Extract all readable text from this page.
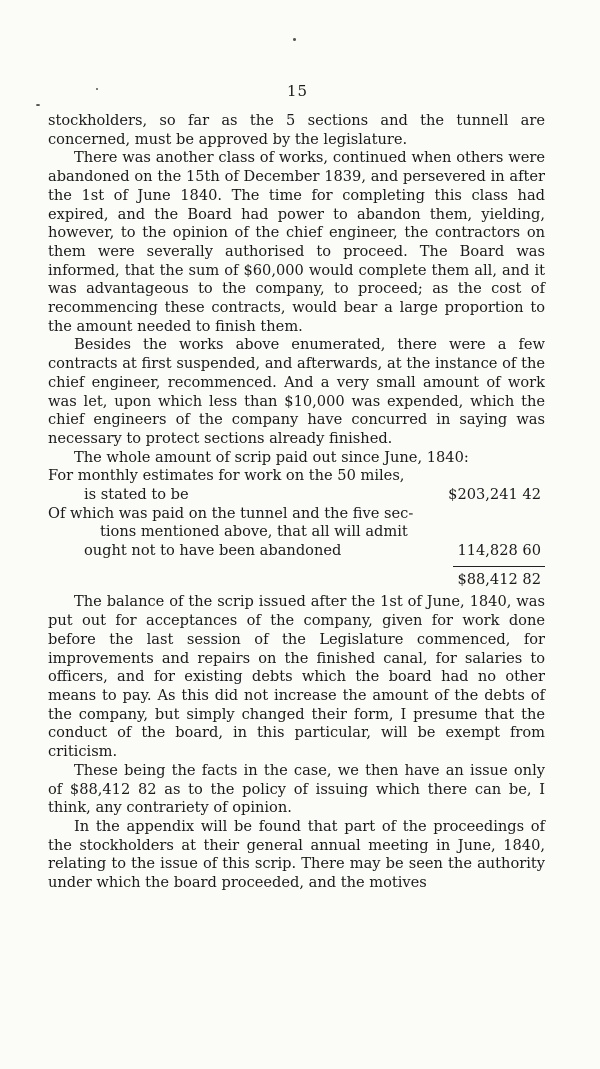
15

stockholders, so far as the 5 sections and the tunnell are concerned, must be approved by the legislature.

There was another class of works, continued when others were abandoned on the 15th of December 1839, and persevered in after the 1st of June 1840. The time for completing this class had expired, and the Board had power to abandon them, yielding, however, to the opinion of the chief engineer, the contractors on them were severally authorised to proceed. The Board was informed, that the sum of $60,000 would complete them all, and it was advantageous to the company, to proceed; as the cost of recommencing these contracts, would bear a large proportion to the amount needed to finish them.

Besides the works above enumerated, there were a few contracts at first suspended, and afterwards, at the instance of the chief engineer, recommenced. And a very small amount of work was let, upon which less than $10,000 was expended, which the chief engineers of the company have concurred in saying was necessary to protect sections already finished.

The whole amount of scrip paid out since June, 1840:

For monthly estimates for work on the 50 miles,
is stated to be	$203,241 42
Of which was paid on the tunnel and the five sec-
tions mentioned above, that all will admit
ought not to have been abandoned	114,828 60
$88,412 82

The balance of the scrip issued after the 1st of June, 1840, was put out for acceptances of the company, given for work done before the last session of the Legislature commenced, for improvements and repairs on the finished canal, for salaries to officers, and for existing debts which the board had no other means to pay. As this did not increase the amount of the debts of the company, but simply changed their form, I presume that the conduct of the board, in this particular, will be exempt from criticism.

These being the facts in the case, we then have an issue only of $88,412 82 as to the policy of issuing which there can be, I think, any contrariety of opinion.

In the appendix will be found that part of the proceedings of the stockholders at their general annual meeting in June, 1840, relating to the issue of this scrip. There may be seen the authority under which the board proceeded, and the motives
